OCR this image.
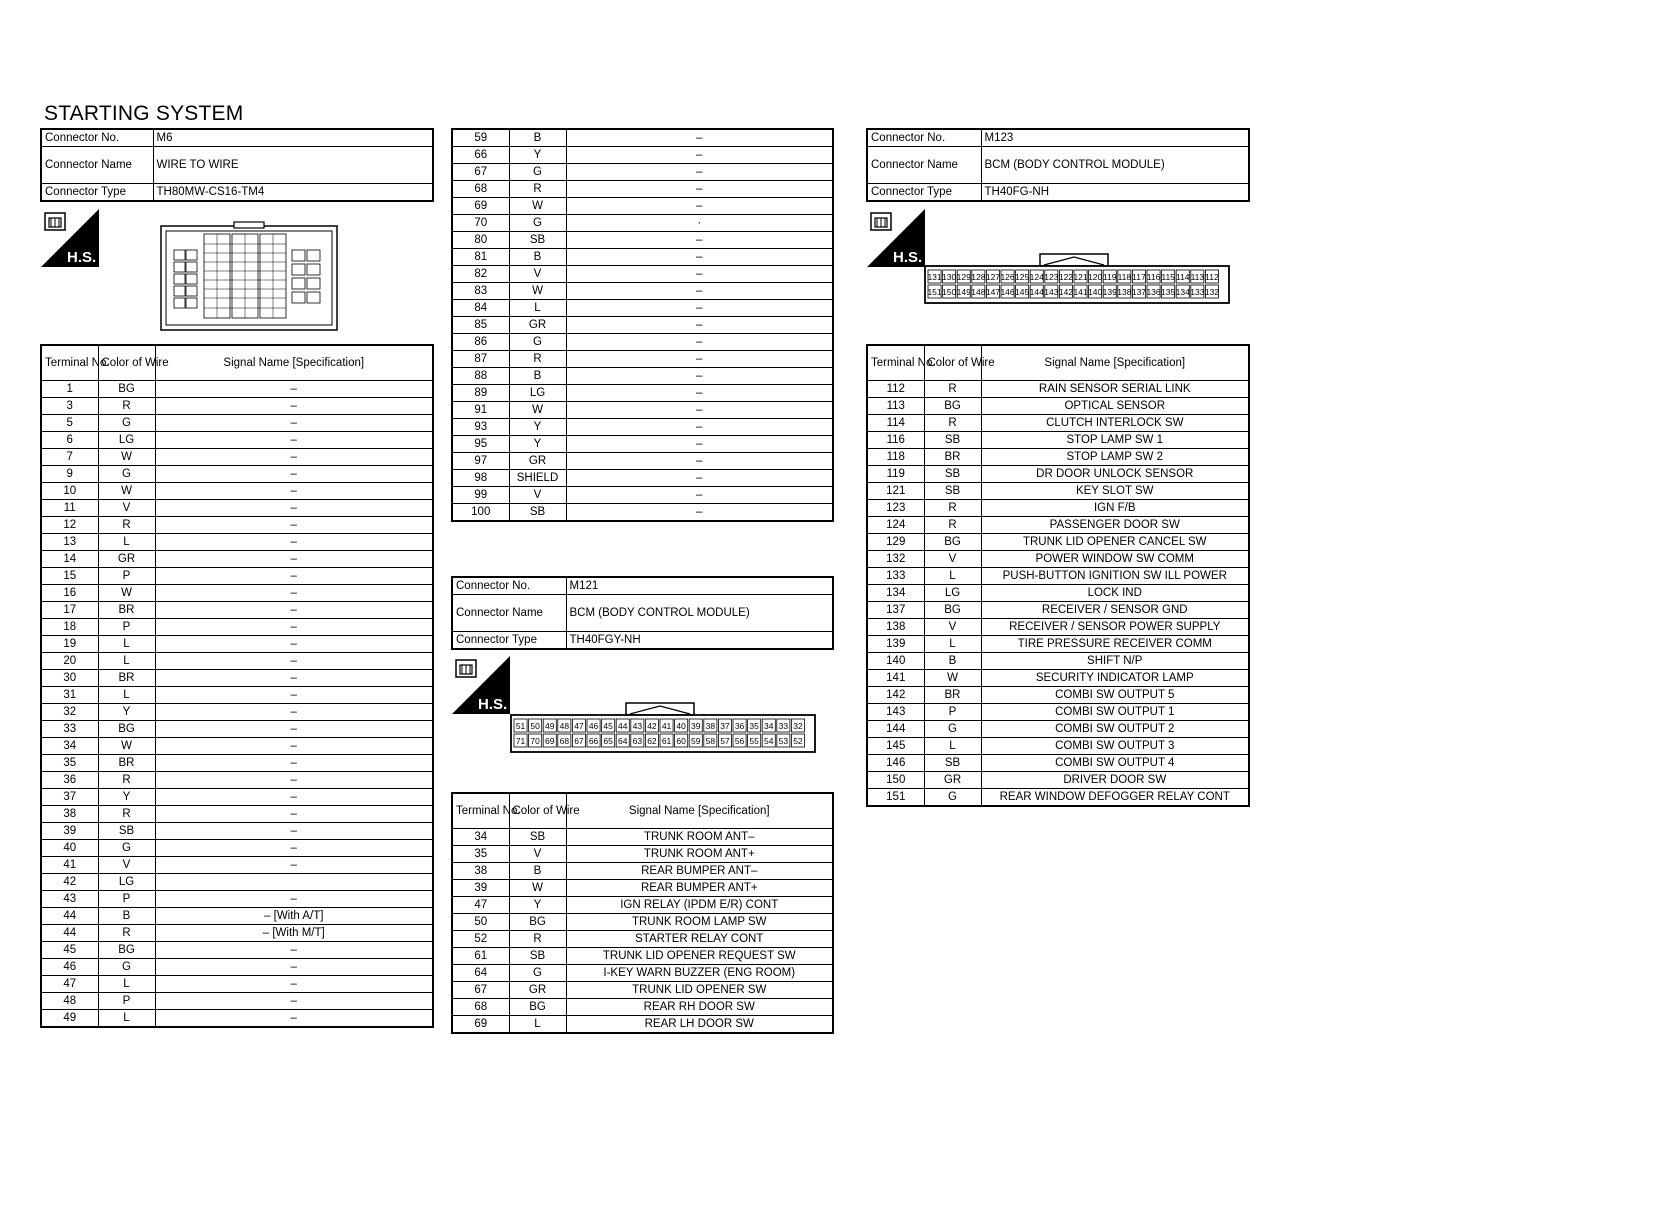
STARTING SYSTEM
Connector No.	M6
Connector Name	WIRE TO WIRE
Connector Type	TH80MW-CS16-TM4
H.S.
Terminal No.	Color of Wire	Signal Name [Specification]
1	BG	–
3	R	–
5	G	–
6	LG	–
7	W	–
9	G	–
10	W	–
11	V	–
12	R	–
13	L	–
14	GR	–
15	P	–
16	W	–
17	BR	–
18	P	–
19	L	–
20	L	–
30	BR	–
31	L	–
32	Y	–
33	BG	–
34	W	–
35	BR	–
36	R	–
37	Y	–
38	R	–
39	SB	–
40	G	–
41	V	–
42	LG	
43	P	–
44	B	– [With A/T]
44	R	– [With M/T]
45	BG	–
46	G	–
47	L	–
48	P	–
49	L	–
59	B	–
66	Y	–
67	G	–
68	R	–
69	W	–
70	G	·
80	SB	–
81	B	–
82	V	–
83	W	–
84	L	–
85	GR	–
86	G	–
87	R	–
88	B	–
89	LG	–
91	W	–
93	Y	–
95	Y	–
97	GR	–
98	SHIELD	–
99	V	–
100	SB	–
Connector No.	M121
Connector Name	BCM (BODY CONTROL MODULE)
Connector Type	TH40FGY-NH
H.S.
51 50 49 48 47 46 45 44 43 42 41 40 39 38 37 36 35 34 33 32
71 70 69 68 67 66 65 64 63 62 61 60 59 58 57 56 55 54 53 52
Terminal No.	Color of Wire	Signal Name [Specification]
34	SB	TRUNK ROOM ANT–
35	V	TRUNK ROOM ANT+
38	B	REAR BUMPER ANT–
39	W	REAR BUMPER ANT+
47	Y	IGN RELAY (IPDM E/R) CONT
50	BG	TRUNK ROOM LAMP SW
52	R	STARTER RELAY CONT
61	SB	TRUNK LID OPENER REQUEST SW
64	G	I-KEY WARN BUZZER (ENG ROOM)
67	GR	TRUNK LID OPENER SW
68	BG	REAR RH DOOR SW
69	L	REAR LH DOOR SW
Connector No.	M123
Connector Name	BCM (BODY CONTROL MODULE)
Connector Type	TH40FG-NH
H.S.
131 130 129 128 127 126 125 124 123 122 121 120 119 118 117 116 115 114 113 112
151 150 149 148 147 146 145 144 143 142 141 140 139 138 137 136 135 134 133 132
Terminal No.	Color of Wire	Signal Name [Specification]
112	R	RAIN SENSOR SERIAL LINK
113	BG	OPTICAL SENSOR
114	R	CLUTCH INTERLOCK SW
116	SB	STOP LAMP SW 1
118	BR	STOP LAMP SW 2
119	SB	DR DOOR UNLOCK SENSOR
121	SB	KEY SLOT SW
123	R	IGN F/B
124	R	PASSENGER DOOR SW
129	BG	TRUNK LID OPENER CANCEL SW
132	V	POWER WINDOW SW COMM
133	L	PUSH-BUTTON IGNITION SW ILL POWER
134	LG	LOCK IND
137	BG	RECEIVER / SENSOR GND
138	V	RECEIVER / SENSOR POWER SUPPLY
139	L	TIRE PRESSURE RECEIVER COMM
140	B	SHIFT N/P
141	W	SECURITY INDICATOR LAMP
142	BR	COMBI SW OUTPUT 5
143	P	COMBI SW OUTPUT 1
144	G	COMBI SW OUTPUT 2
145	L	COMBI SW OUTPUT 3
146	SB	COMBI SW OUTPUT 4
150	GR	DRIVER DOOR SW
151	G	REAR WINDOW DEFOGGER RELAY CONT
